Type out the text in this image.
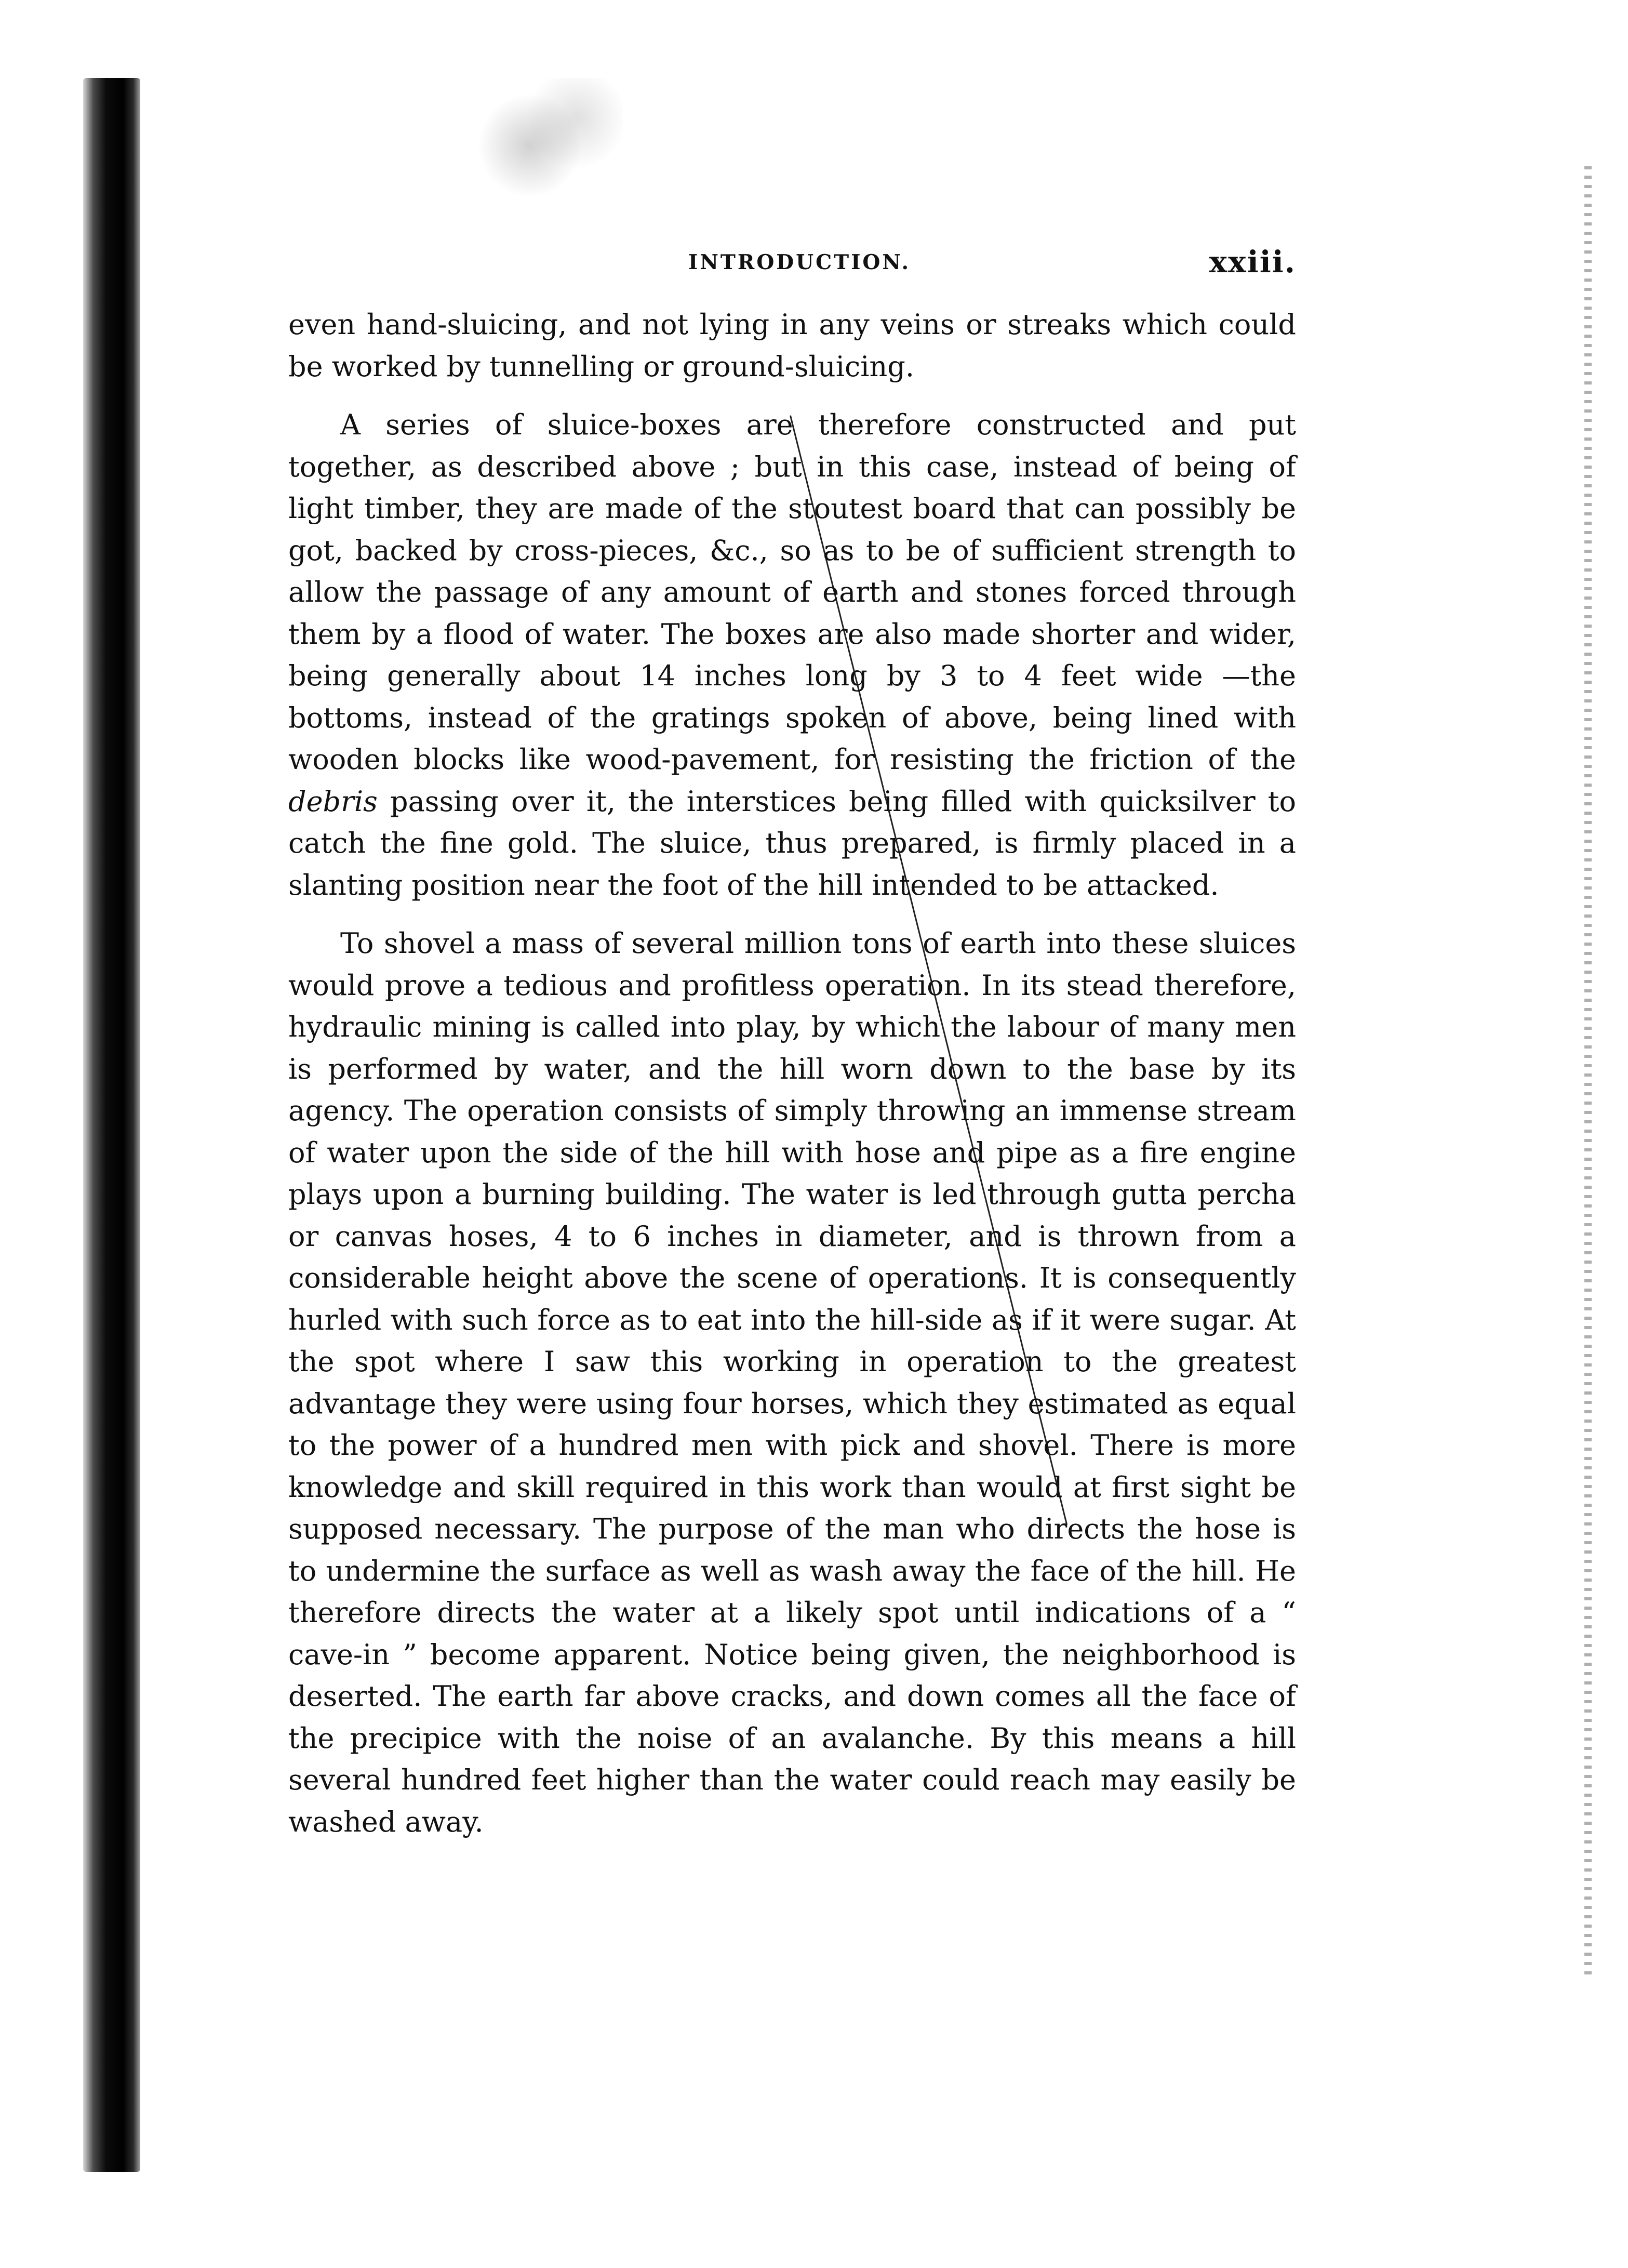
INTRODUCTION.	xxiii.

even hand-sluicing, and not lying in any veins or streaks which could be worked by tunnelling or ground-sluicing.

A series of sluice-boxes are therefore constructed and put together, as described above ; but in this case, instead of being of light timber, they are made of the stoutest board that can possibly be got, backed by cross-pieces, &c., so as to be of sufficient strength to allow the passage of any amount of earth and stones forced through them by a flood of water. The boxes are also made shorter and wider, being generally about 14 inches long by 3 to 4 feet wide —the bottoms, instead of the gratings spoken of above, being lined with wooden blocks like wood-pavement, for resisting the friction of the debris passing over it, the interstices being filled with quicksilver to catch the fine gold. The sluice, thus prepared, is firmly placed in a slanting position near the foot of the hill intended to be attacked.

To shovel a mass of several million tons of earth into these sluices would prove a tedious and profitless operation. In its stead therefore, hydraulic mining is called into play, by which the labour of many men is performed by water, and the hill worn down to the base by its agency. The operation consists of simply throwing an immense stream of water upon the side of the hill with hose and pipe as a fire engine plays upon a burning building. The water is led through gutta percha or canvas hoses, 4 to 6 inches in diameter, and is thrown from a considerable height above the scene of operations. It is consequently hurled with such force as to eat into the hill-side as if it were sugar. At the spot where I saw this working in operation to the greatest advantage they were using four horses, which they estimated as equal to the power of a hundred men with pick and shovel. There is more knowledge and skill required in this work than would at first sight be supposed necessary. The purpose of the man who directs the hose is to undermine the surface as well as wash away the face of the hill. He therefore directs the water at a likely spot until indications of a “ cave-in ” become apparent. Notice being given, the neighborhood is deserted. The earth far above cracks, and down comes all the face of the precipice with the noise of an avalanche. By this means a hill several hundred feet higher than the water could reach may easily be washed away.
